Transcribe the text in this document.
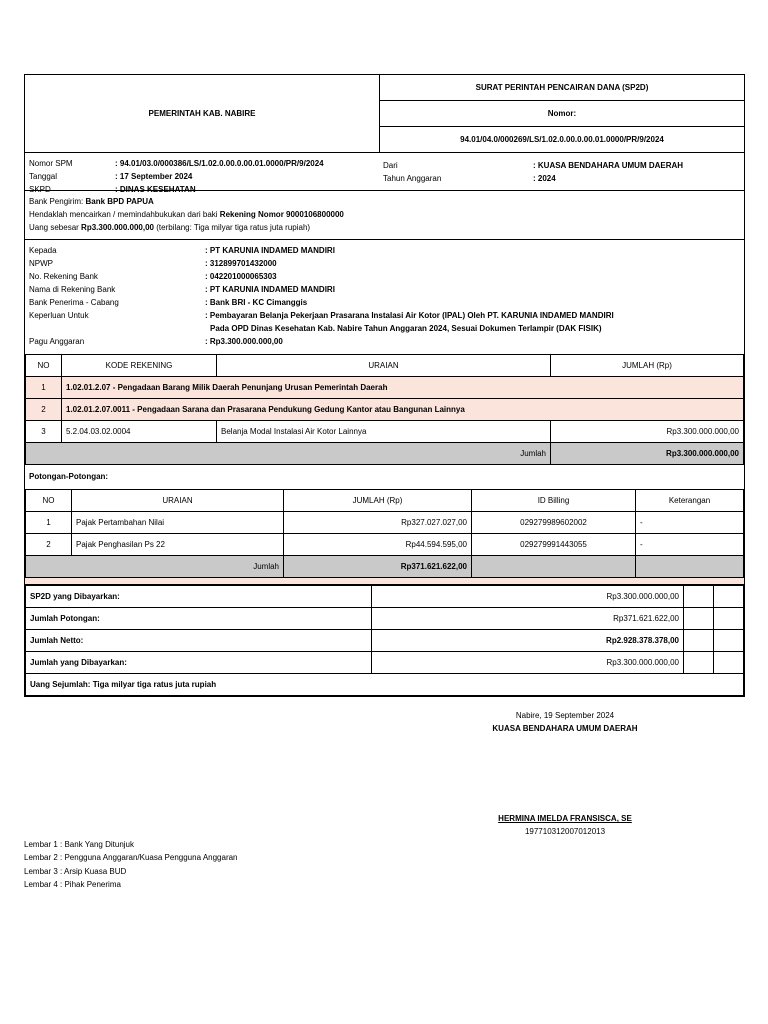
PEMERINTAH KAB. NABIRE
SURAT PERINTAH PENCAIRAN DANA (SP2D)
Nomor:
94.01/04.0/000269/LS/1.02.0.00.0.00.01.0000/PR/9/2024
Nomor SPM	: 94.01/03.0/000386/LS/1.02.0.00.0.00.01.0000/PR/9/2024
Tanggal	: 17 September 2024
SKPD	: DINAS KESEHATAN
Dari	: KUASA BENDAHARA UMUM DAERAH
Tahun Anggaran	: 2024
Bank Pengirim:
Bank BPD PAPUA
Hendaklah mencairkan / memindahbukukan dari baki
Rekening Nomor 9000106800000
Uang sebesar
Rp3.300.000.000,00
(terbilang: Tiga milyar tiga ratus juta rupiah)
Kepada	: PT KARUNIA INDAMED MANDIRI
NPWP	: 312899701432000
No. Rekening Bank	: 042201000065303
Nama di Rekening Bank	: PT KARUNIA INDAMED MANDIRI
Bank Penerima - Cabang	: Bank BRI - KC Cimanggis
Keperluan Untuk	: Pembayaran Belanja Pekerjaan Prasarana Instalasi Air Kotor (IPAL) Oleh PT. KARUNIA INDAMED MANDIRI
Pada OPD Dinas Kesehatan Kab. Nabire Tahun Anggaran 2024, Sesuai Dokumen Terlampir (DAK FISIK)
Pagu Anggaran	: Rp3.300.000.000,00
NO	KODE REKENING	URAIAN	JUMLAH (Rp)
1	1.02.01.2.07 - Pengadaan Barang Milik Daerah Penunjang Urusan Pemerintah Daerah		
2	1.02.01.2.07.0011 - Pengadaan Sarana dan Prasarana Pendukung Gedung Kantor atau Bangunan Lainnya		
3	5.2.04.03.02.0004	Belanja Modal Instalasi Air Kotor Lainnya	Rp3.300.000.000,00
Jumlah			Rp3.300.000.000,00
Potongan-Potongan:
NO	URAIAN	JUMLAH (Rp)	ID Billing	Keterangan
1	Pajak Pertambahan Nilai	Rp327.027.027,00	029279989602002	-
2	Pajak Penghasilan Ps 22	Rp44.594.595,00	029279991443055	-
Jumlah		Rp371.621.622,00		
SP2D yang Dibayarkan:	Rp3.300.000.000,00		
Jumlah Potongan:	Rp371.621.622,00		
Jumlah Netto:	Rp2.928.378.378,00		
Jumlah yang Dibayarkan:	Rp3.300.000.000,00		
Uang Sejumlah: Tiga milyar tiga ratus juta rupiah			
Nabire, 19 September 2024
KUASA BENDAHARA UMUM DAERAH
HERMINA IMELDA FRANSISCA, SE
197710312007012013
Lembar 1 : Bank Yang Ditunjuk
Lembar 2 : Pengguna Anggaran/Kuasa Pengguna Anggaran
Lembar 3 : Arsip Kuasa BUD
Lembar 4 : Pihak Penerima
